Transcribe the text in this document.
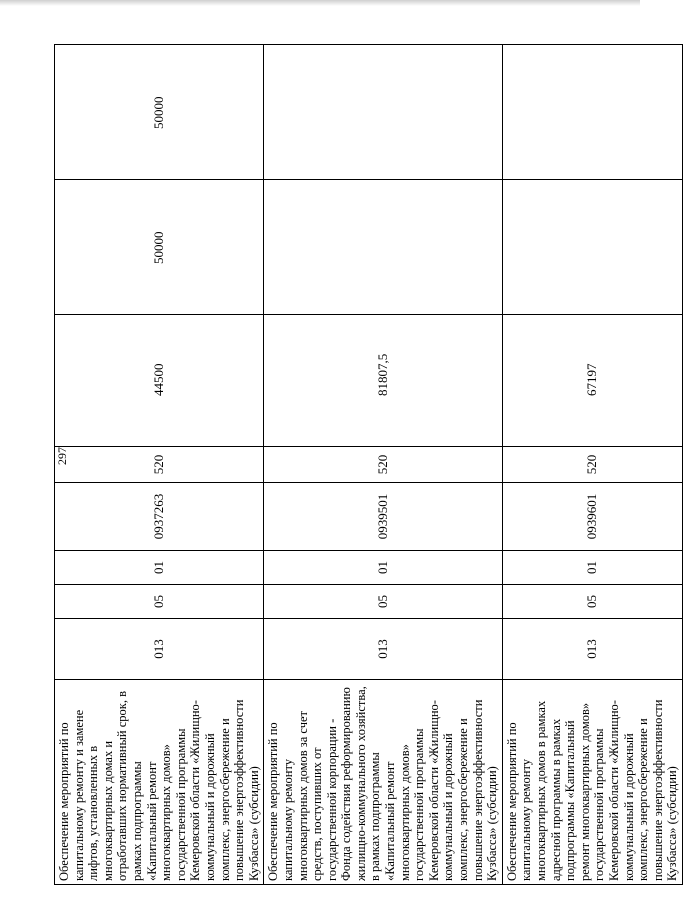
297
Обеспечение мероприятий по капитальному ремонту и замене лифтов, установленных в многоквартирных домах и отработавших нормативный срок, в рамках подпрограммы «Капитальный ремонт многоквартирных домов» государственной программы Кемеровской области «Жилищно-коммунальный и дорожный комплекс, энергосбережение и повышение энергоэффективности Кузбасса» (субсидии)	013	05	01	0937263	520	44500	50000	50000
Обеспечение мероприятий по капитальному ремонту многоквартирных домов за счет средств, поступивших от государственной корпорации - Фонда содействия реформированию жилищно-коммунального хозяйства, в рамках подпрограммы «Капитальный ремонт многоквартирных домов» государственной программы Кемеровской области «Жилищно-коммунальный и дорожный комплекс, энергосбережение и повышение энергоэффективности Кузбасса» (субсидии)	013	05	01	0939501	520	81807,5		
Обеспечение мероприятий по капитальному ремонту многоквартирных домов в рамках адресной программы в рамках подпрограммы «Капитальный ремонт многоквартирных домов» государственной программы Кемеровской области «Жилищно-коммунальный и дорожный комплекс, энергосбережение и повышение энергоэффективности Кузбасса» (субсидии)	013	05	01	0939601	520	67197		
